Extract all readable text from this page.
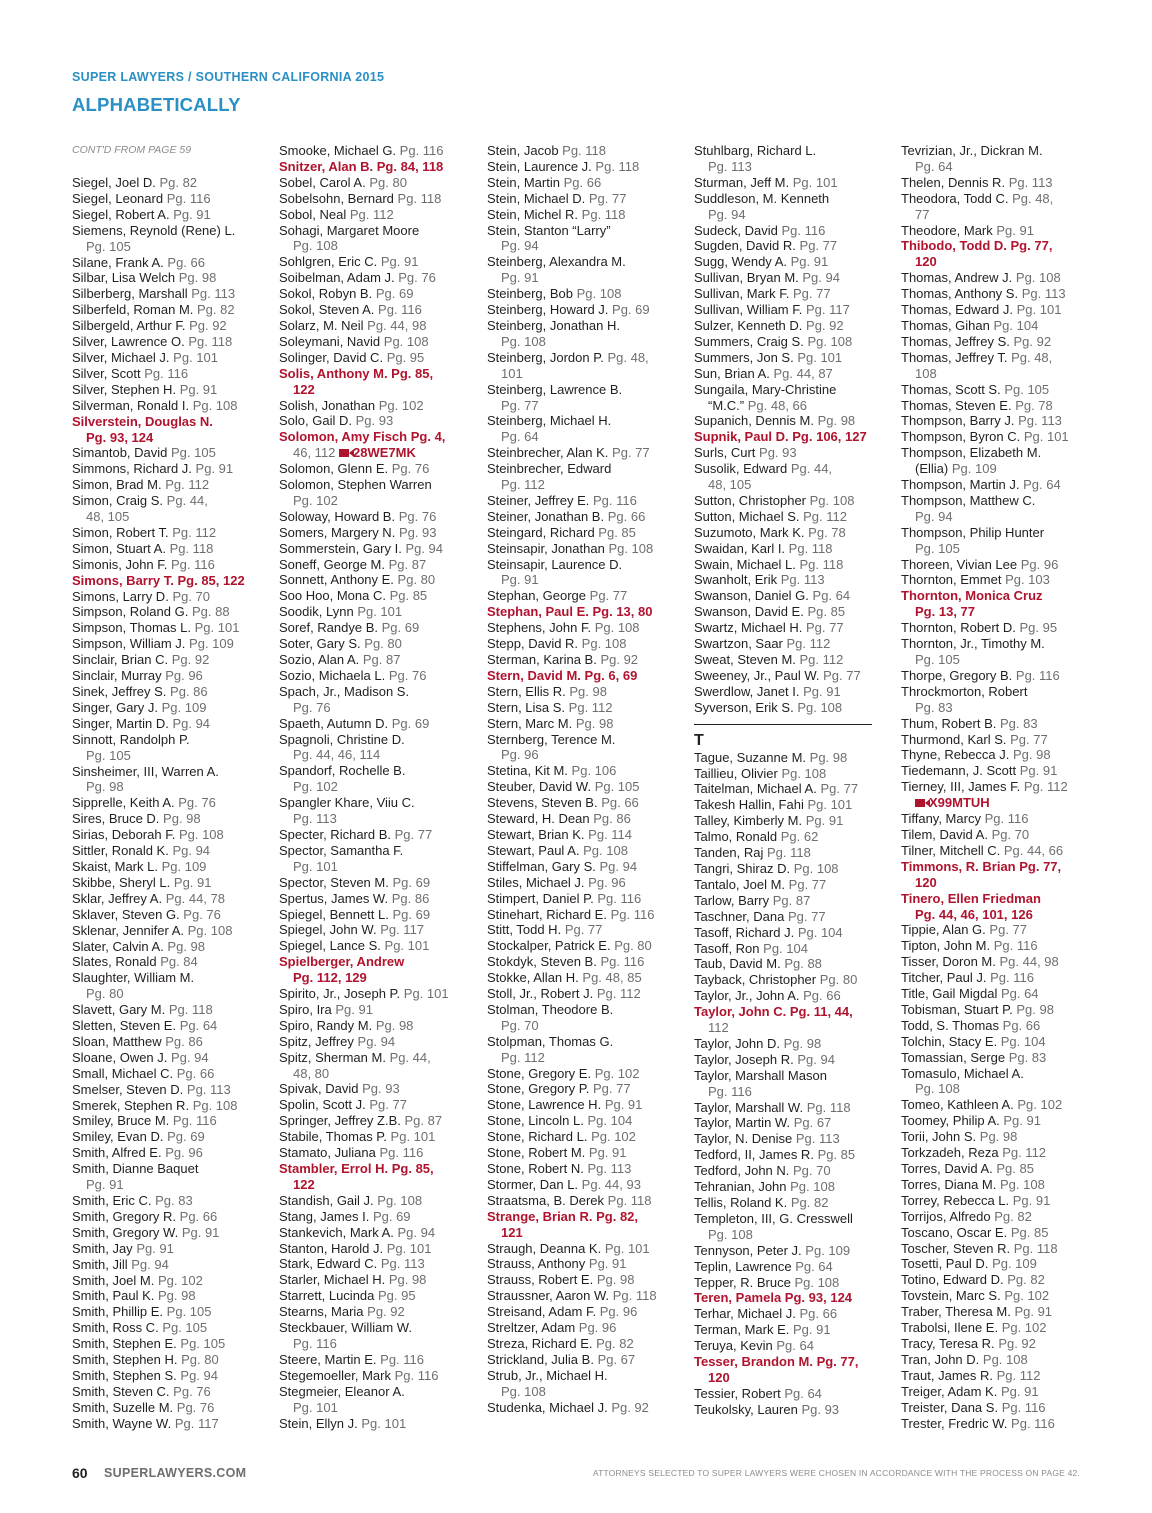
SUPER LAWYERS / SOUTHERN CALIFORNIA 2015
ALPHABETICALLY
CONT'D FROM PAGE 59
Siegel, Joel D. Pg. 82
Siegel, Leonard Pg. 116
Siegel, Robert A. Pg. 91
Siemens, Reynold (Rene) L.
Pg. 105
Silane, Frank A. Pg. 66
Silbar, Lisa Welch Pg. 98
Silberberg, Marshall Pg. 113
Silberfeld, Roman M. Pg. 82
Silbergeld, Arthur F. Pg. 92
Silver, Lawrence O. Pg. 118
Silver, Michael J. Pg. 101
Silver, Scott Pg. 116
Silver, Stephen H. Pg. 91
Silverman, Ronald I. Pg. 108
Silverstein, Douglas N.
Pg. 93, 124
Simantob, David Pg. 105
Simmons, Richard J. Pg. 91
Simon, Brad M. Pg. 112
Simon, Craig S. Pg. 44,
48, 105
Simon, Robert T. Pg. 112
Simon, Stuart A. Pg. 118
Simonis, John F. Pg. 116
Simons, Barry T. Pg. 85, 122
Simons, Larry D. Pg. 70
Simpson, Roland G. Pg. 88
Simpson, Thomas L. Pg. 101
Simpson, William J. Pg. 109
Sinclair, Brian C. Pg. 92
Sinclair, Murray Pg. 96
Sinek, Jeffrey S. Pg. 86
Singer, Gary J. Pg. 109
Singer, Martin D. Pg. 94
Sinnott, Randolph P.
Pg. 105
Sinsheimer, III, Warren A.
Pg. 98
Sipprelle, Keith A. Pg. 76
Sires, Bruce D. Pg. 98
Sirias, Deborah F. Pg. 108
Sittler, Ronald K. Pg. 94
Skaist, Mark L. Pg. 109
Skibbe, Sheryl L. Pg. 91
Sklar, Jeffrey A. Pg. 44, 78
Sklaver, Steven G. Pg. 76
Sklenar, Jennifer A. Pg. 108
Slater, Calvin A. Pg. 98
Slates, Ronald Pg. 84
Slaughter, William M.
Pg. 80
Slavett, Gary M. Pg. 118
Sletten, Steven E. Pg. 64
Sloan, Matthew Pg. 86
Sloane, Owen J. Pg. 94
Small, Michael C. Pg. 66
Smelser, Steven D. Pg. 113
Smerek, Stephen R. Pg. 108
Smiley, Bruce M. Pg. 116
Smiley, Evan D. Pg. 69
Smith, Alfred E. Pg. 96
Smith, Dianne Baquet
Pg. 91
Smith, Eric C. Pg. 83
Smith, Gregory R. Pg. 66
Smith, Gregory W. Pg. 91
Smith, Jay Pg. 91
Smith, Jill Pg. 94
Smith, Joel M. Pg. 102
Smith, Paul K. Pg. 98
Smith, Phillip E. Pg. 105
Smith, Ross C. Pg. 105
Smith, Stephen E. Pg. 105
Smith, Stephen H. Pg. 80
Smith, Stephen S. Pg. 94
Smith, Steven C. Pg. 76
Smith, Suzelle M. Pg. 76
Smith, Wayne W. Pg. 117
Smooke, Michael G. Pg. 116
Snitzer, Alan B. Pg. 84, 118
Sobel, Carol A. Pg. 80
Sobelsohn, Bernard Pg. 118
Sobol, Neal Pg. 112
Sohagi, Margaret Moore
Pg. 108
Sohlgren, Eric C. Pg. 91
Soibelman, Adam J. Pg. 76
Sokol, Robyn B. Pg. 69
Sokol, Steven A. Pg. 116
Solarz, M. Neil Pg. 44, 98
Soleymani, Navid Pg. 108
Solinger, David C. Pg. 95
Solis, Anthony M. Pg. 85,
122
Solish, Jonathan Pg. 102
Solo, Gail D. Pg. 93
Solomon, Amy Fisch Pg. 4,
46, 112 28WE7MK
Solomon, Glenn E. Pg. 76
Solomon, Stephen Warren
Pg. 102
Soloway, Howard B. Pg. 76
Somers, Margery N. Pg. 93
Sommerstein, Gary I. Pg. 94
Soneff, George M. Pg. 87
Sonnett, Anthony E. Pg. 80
Soo Hoo, Mona C. Pg. 85
Soodik, Lynn Pg. 101
Soref, Randye B. Pg. 69
Soter, Gary S. Pg. 80
Sozio, Alan A. Pg. 87
Sozio, Michaela L. Pg. 76
Spach, Jr., Madison S.
Pg. 76
Spaeth, Autumn D. Pg. 69
Spagnoli, Christine D.
Pg. 44, 46, 114
Spandorf, Rochelle B.
Pg. 102
Spangler Khare, Viiu C.
Pg. 113
Specter, Richard B. Pg. 77
Spector, Samantha F.
Pg. 101
Spector, Steven M. Pg. 69
Spertus, James W. Pg. 86
Spiegel, Bennett L. Pg. 69
Spiegel, John W. Pg. 117
Spiegel, Lance S. Pg. 101
Spielberger, Andrew
Pg. 112, 129
Spirito, Jr., Joseph P. Pg. 101
Spiro, Ira Pg. 91
Spiro, Randy M. Pg. 98
Spitz, Jeffrey Pg. 94
Spitz, Sherman M. Pg. 44,
48, 80
Spivak, David Pg. 93
Spolin, Scott J. Pg. 77
Springer, Jeffrey Z.B. Pg. 87
Stabile, Thomas P. Pg. 101
Stamato, Juliana Pg. 116
Stambler, Errol H. Pg. 85,
122
Standish, Gail J. Pg. 108
Stang, James I. Pg. 69
Stankevich, Mark A. Pg. 94
Stanton, Harold J. Pg. 101
Stark, Edward C. Pg. 113
Starler, Michael H. Pg. 98
Starrett, Lucinda Pg. 95
Stearns, Maria Pg. 92
Steckbauer, William W.
Pg. 116
Steere, Martin E. Pg. 116
Stegemoeller, Mark Pg. 116
Stegmeier, Eleanor A.
Pg. 101
Stein, Ellyn J. Pg. 101
Stein, Jacob Pg. 118
Stein, Laurence J. Pg. 118
Stein, Martin Pg. 66
Stein, Michael D. Pg. 77
Stein, Michel R. Pg. 118
Stein, Stanton “Larry”
Pg. 94
Steinberg, Alexandra M.
Pg. 91
Steinberg, Bob Pg. 108
Steinberg, Howard J. Pg. 69
Steinberg, Jonathan H.
Pg. 108
Steinberg, Jordon P. Pg. 48,
101
Steinberg, Lawrence B.
Pg. 77
Steinberg, Michael H.
Pg. 64
Steinbrecher, Alan K. Pg. 77
Steinbrecher, Edward
Pg. 112
Steiner, Jeffrey E. Pg. 116
Steiner, Jonathan B. Pg. 66
Steingard, Richard Pg. 85
Steinsapir, Jonathan Pg. 108
Steinsapir, Laurence D.
Pg. 91
Stephan, George Pg. 77
Stephan, Paul E. Pg. 13, 80
Stephens, John F. Pg. 108
Stepp, David R. Pg. 108
Sterman, Karina B. Pg. 92
Stern, David M. Pg. 6, 69
Stern, Ellis R. Pg. 98
Stern, Lisa S. Pg. 112
Stern, Marc M. Pg. 98
Sternberg, Terence M.
Pg. 96
Stetina, Kit M. Pg. 106
Steuber, David W. Pg. 105
Stevens, Steven B. Pg. 66
Steward, H. Dean Pg. 86
Stewart, Brian K. Pg. 114
Stewart, Paul A. Pg. 108
Stiffelman, Gary S. Pg. 94
Stiles, Michael J. Pg. 96
Stimpert, Daniel P. Pg. 116
Stinehart, Richard E. Pg. 116
Stitt, Todd H. Pg. 77
Stockalper, Patrick E. Pg. 80
Stokdyk, Steven B. Pg. 116
Stokke, Allan H. Pg. 48, 85
Stoll, Jr., Robert J. Pg. 112
Stolman, Theodore B.
Pg. 70
Stolpman, Thomas G.
Pg. 112
Stone, Gregory E. Pg. 102
Stone, Gregory P. Pg. 77
Stone, Lawrence H. Pg. 91
Stone, Lincoln L. Pg. 104
Stone, Richard L. Pg. 102
Stone, Robert M. Pg. 91
Stone, Robert N. Pg. 113
Stormer, Dan L. Pg. 44, 93
Straatsma, B. Derek Pg. 118
Strange, Brian R. Pg. 82,
121
Straugh, Deanna K. Pg. 101
Strauss, Anthony Pg. 91
Strauss, Robert E. Pg. 98
Straussner, Aaron W. Pg. 118
Streisand, Adam F. Pg. 96
Streltzer, Adam Pg. 96
Streza, Richard E. Pg. 82
Strickland, Julia B. Pg. 67
Strub, Jr., Michael H.
Pg. 108
Studenka, Michael J. Pg. 92
Stuhlbarg, Richard L.
Pg. 113
Sturman, Jeff M. Pg. 101
Suddleson, M. Kenneth
Pg. 94
Sudeck, David Pg. 116
Sugden, David R. Pg. 77
Sugg, Wendy A. Pg. 91
Sullivan, Bryan M. Pg. 94
Sullivan, Mark F. Pg. 77
Sullivan, William F. Pg. 117
Sulzer, Kenneth D. Pg. 92
Summers, Craig S. Pg. 108
Summers, Jon S. Pg. 101
Sun, Brian A. Pg. 44, 87
Sungaila, Mary-Christine
“M.C.” Pg. 48, 66
Supanich, Dennis M. Pg. 98
Supnik, Paul D. Pg. 106, 127
Surls, Curt Pg. 93
Susolik, Edward Pg. 44,
48, 105
Sutton, Christopher Pg. 108
Sutton, Michael S. Pg. 112
Suzumoto, Mark K. Pg. 78
Swaidan, Karl I. Pg. 118
Swain, Michael L. Pg. 118
Swanholt, Erik Pg. 113
Swanson, Daniel G. Pg. 64
Swanson, David E. Pg. 85
Swartz, Michael H. Pg. 77
Swartzon, Saar Pg. 112
Sweat, Steven M. Pg. 112
Sweeney, Jr., Paul W. Pg. 77
Swerdlow, Janet I. Pg. 91
Syverson, Erik S. Pg. 108
T
Tague, Suzanne M. Pg. 98
Taillieu, Olivier Pg. 108
Taitelman, Michael A. Pg. 77
Takesh Hallin, Fahi Pg. 101
Talley, Kimberly M. Pg. 91
Talmo, Ronald Pg. 62
Tanden, Raj Pg. 118
Tangri, Shiraz D. Pg. 108
Tantalo, Joel M. Pg. 77
Tarlow, Barry Pg. 87
Taschner, Dana Pg. 77
Tasoff, Richard J. Pg. 104
Tasoff, Ron Pg. 104
Taub, David M. Pg. 88
Tayback, Christopher Pg. 80
Taylor, Jr., John A. Pg. 66
Taylor, John C. Pg. 11, 44,
112
Taylor, John D. Pg. 98
Taylor, Joseph R. Pg. 94
Taylor, Marshall Mason
Pg. 116
Taylor, Marshall W. Pg. 118
Taylor, Martin W. Pg. 67
Taylor, N. Denise Pg. 113
Tedford, II, James R. Pg. 85
Tedford, John N. Pg. 70
Tehranian, John Pg. 108
Tellis, Roland K. Pg. 82
Templeton, III, G. Cresswell
Pg. 108
Tennyson, Peter J. Pg. 109
Teplin, Lawrence Pg. 64
Tepper, R. Bruce Pg. 108
Teren, Pamela Pg. 93, 124
Terhar, Michael J. Pg. 66
Terman, Mark E. Pg. 91
Teruya, Kevin Pg. 64
Tesser, Brandon M. Pg. 77,
120
Tessier, Robert Pg. 64
Teukolsky, Lauren Pg. 93
Tevrizian, Jr., Dickran M.
Pg. 64
Thelen, Dennis R. Pg. 113
Theodora, Todd C. Pg. 48,
77
Theodore, Mark Pg. 91
Thibodo, Todd D. Pg. 77,
120
Thomas, Andrew J. Pg. 108
Thomas, Anthony S. Pg. 113
Thomas, Edward J. Pg. 101
Thomas, Gihan Pg. 104
Thomas, Jeffrey S. Pg. 92
Thomas, Jeffrey T. Pg. 48,
108
Thomas, Scott S. Pg. 105
Thomas, Steven E. Pg. 78
Thompson, Barry J. Pg. 113
Thompson, Byron C. Pg. 101
Thompson, Elizabeth M.
(Ellia) Pg. 109
Thompson, Martin J. Pg. 64
Thompson, Matthew C.
Pg. 94
Thompson, Philip Hunter
Pg. 105
Thoreen, Vivian Lee Pg. 96
Thornton, Emmet Pg. 103
Thornton, Monica Cruz
Pg. 13, 77
Thornton, Robert D. Pg. 95
Thornton, Jr., Timothy M.
Pg. 105
Thorpe, Gregory B. Pg. 116
Throckmorton, Robert
Pg. 83
Thum, Robert B. Pg. 83
Thurmond, Karl S. Pg. 77
Thyne, Rebecca J. Pg. 98
Tiedemann, J. Scott Pg. 91
Tierney, III, James F. Pg. 112
X99MTUH
Tiffany, Marcy Pg. 116
Tilem, David A. Pg. 70
Tilner, Mitchell C. Pg. 44, 66
Timmons, R. Brian Pg. 77,
120
Tinero, Ellen Friedman
Pg. 44, 46, 101, 126
Tippie, Alan G. Pg. 77
Tipton, John M. Pg. 116
Tisser, Doron M. Pg. 44, 98
Titcher, Paul J. Pg. 116
Title, Gail Migdal Pg. 64
Tobisman, Stuart P. Pg. 98
Todd, S. Thomas Pg. 66
Tolchin, Stacy E. Pg. 104
Tomassian, Serge Pg. 83
Tomasulo, Michael A.
Pg. 108
Tomeo, Kathleen A. Pg. 102
Toomey, Philip A. Pg. 91
Torii, John S. Pg. 98
Torkzadeh, Reza Pg. 112
Torres, David A. Pg. 85
Torres, Diana M. Pg. 108
Torrey, Rebecca L. Pg. 91
Torrijos, Alfredo Pg. 82
Toscano, Oscar E. Pg. 85
Toscher, Steven R. Pg. 118
Tosetti, Paul D. Pg. 109
Totino, Edward D. Pg. 82
Tovstein, Marc S. Pg. 102
Traber, Theresa M. Pg. 91
Trabolsi, Ilene E. Pg. 102
Tracy, Teresa R. Pg. 92
Tran, John D. Pg. 108
Traut, James R. Pg. 112
Treiger, Adam K. Pg. 91
Treister, Dana S. Pg. 116
Trester, Fredric W. Pg. 116
60 SUPERLAWYERS.COM	ATTORNEYS SELECTED TO SUPER LAWYERS WERE CHOSEN IN ACCORDANCE WITH THE PROCESS ON PAGE 42.
